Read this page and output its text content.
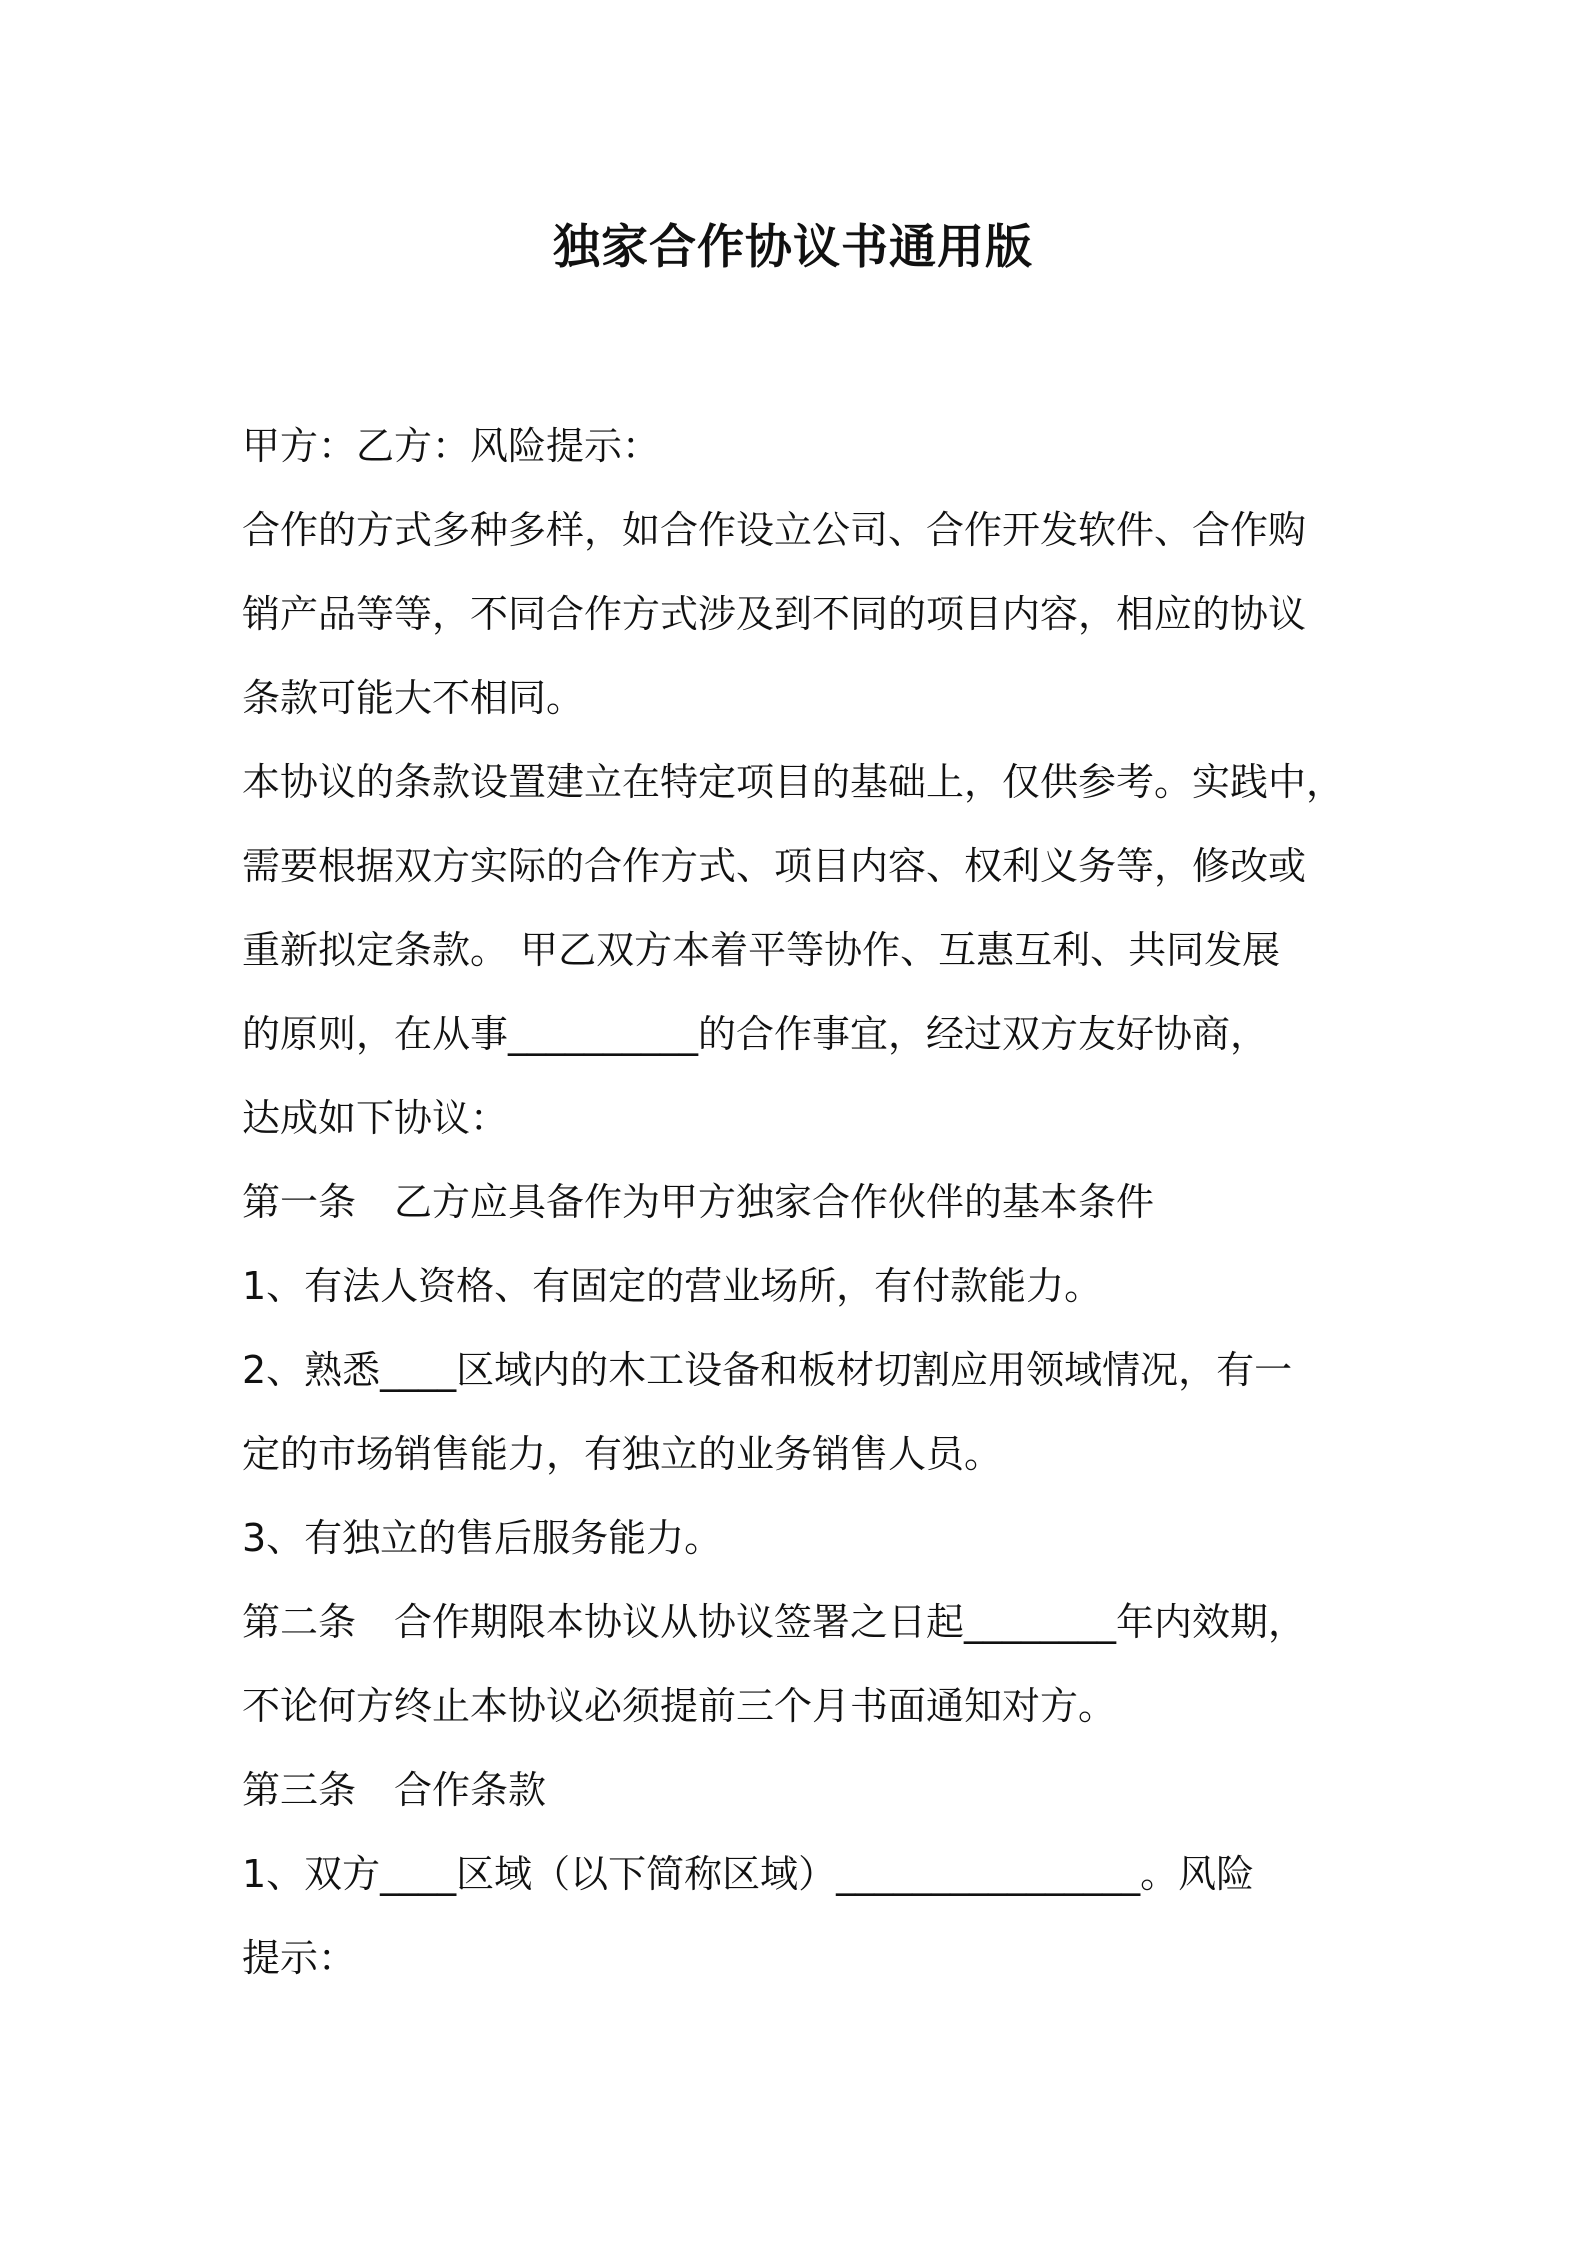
独家合作协议书通用版
甲方：乙方：风险提示：
合作的方式多种多样，如合作设立公司、合作开发软件、合作购
销产品等等，不同合作方式涉及到不同的项目内容，相应的协议
条款可能大不相同。
本协议的条款设置建立在特定项目的基础上，仅供参考。实践中，
需要根据双方实际的合作方式、项目内容、权利义务等，修改或
重新拟定条款。 甲乙双方本着平等协作、互惠互利、共同发展
的原则，在从事__________的合作事宜，经过双方友好协商，
达成如下协议：
第一条　乙方应具备作为甲方独家合作伙伴的基本条件
1、有法人资格、有固定的营业场所，有付款能力。
2、熟悉____区域内的木工设备和板材切割应用领域情况，有一
定的市场销售能力，有独立的业务销售人员。
3、有独立的售后服务能力。
第二条　合作期限本协议从协议签署之日起________年内效期，
不论何方终止本协议必须提前三个月书面通知对方。
第三条　合作条款
1、双方____区域（以下简称区域）________________。风险
提示：
